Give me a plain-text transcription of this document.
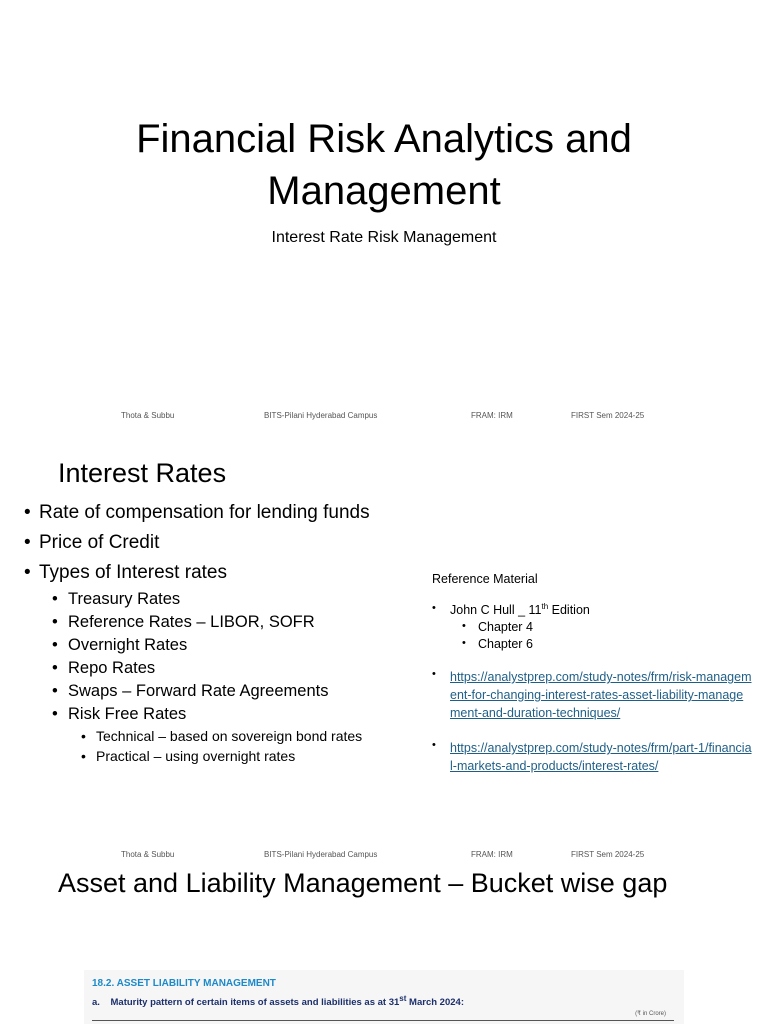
Financial Risk Analytics and
Management
Interest Rate Risk Management
Thota & Subbu	BITS-Pilani Hyderabad Campus	FRAM: IRM	FIRST Sem 2024-25
Interest Rates
• Rate of compensation for lending funds
• Price of Credit
• Types of Interest rates
• Treasury Rates
• Reference Rates – LIBOR, SOFR
• Overnight Rates
• Repo Rates
• Swaps – Forward Rate Agreements
• Risk Free Rates
• Technical – based on sovereign bond rates
• Practical – using overnight rates
Reference Material
• John C Hull _ 11th Edition
• Chapter 4
• Chapter 6
• https://analystprep.com/study-notes/frm/risk-management-for-changing-interest-rates-asset-liability-management-and-duration-techniques/
• https://analystprep.com/study-notes/frm/part-1/financial-markets-and-products/interest-rates/
Thota & Subbu	BITS-Pilani Hyderabad Campus	FRAM: IRM	FIRST Sem 2024-25
Asset and Liability Management – Bucket wise gap
18.2. ASSET LIABILITY MANAGEMENT
a. Maturity pattern of certain items of assets and liabilities as at 31st March 2024:
(₹ in Crore)
